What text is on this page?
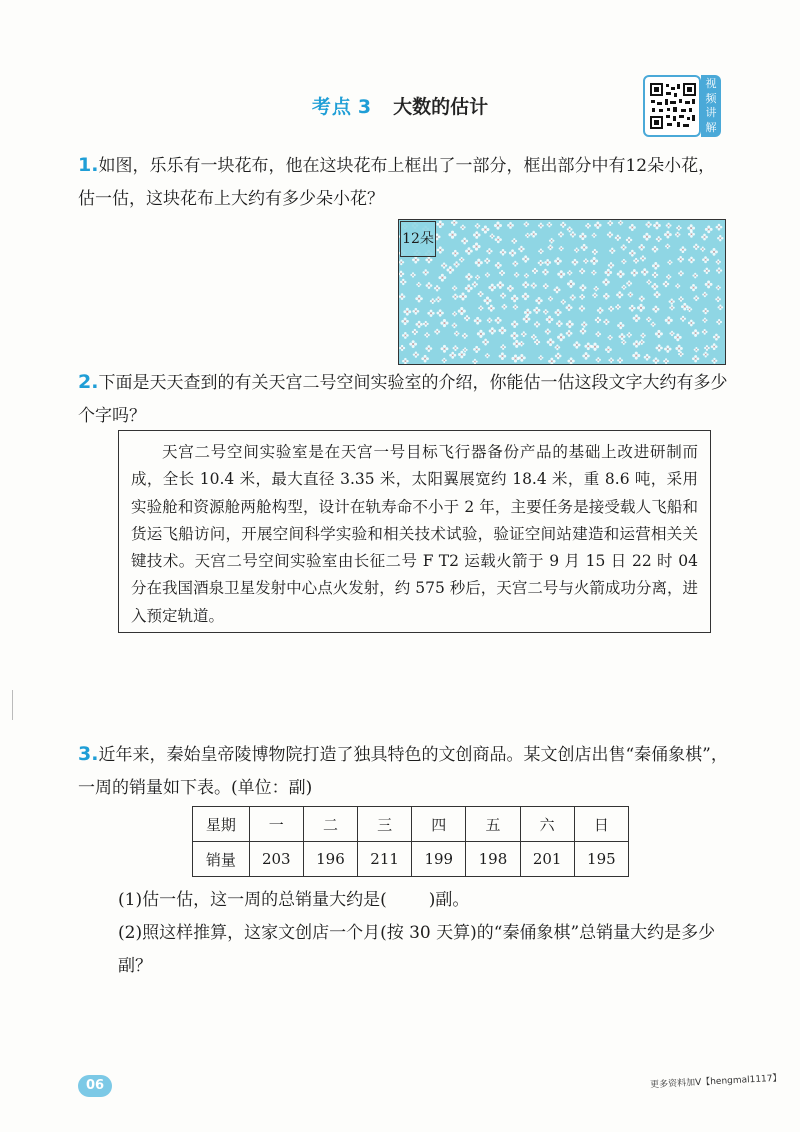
考点 3 大数的估计
视频讲解
1.如图，乐乐有一块花布，他在这块花布上框出了一部分，框出部分中有12朵小花，估一估，这块花布上大约有多少朵小花？
12朵
2.下面是天天查到的有关天宫二号空间实验室的介绍，你能估一估这段文字大约有多少个字吗？

天宫二号空间实验室是在天宫一号目标飞行器备份产品的基础上改进研制而成，全长 10.4 米，最大直径 3.35 米，太阳翼展宽约 18.4 米，重 8.6 吨，采用实验舱和资源舱两舱构型，设计在轨寿命不小于 2 年，主要任务是接受载人飞船和货运飞船访问，开展空间科学实验和相关技术试验，验证空间站建造和运营相关关键技术。天宫二号空间实验室由长征二号 F T2 运载火箭于 9 月 15 日 22 时 04 分在我国酒泉卫星发射中心点火发射，约 575 秒后，天宫二号与火箭成功分离，进入预定轨道。

3.近年来，秦始皇帝陵博物院打造了独具特色的文创商品。某文创店出售“秦俑象棋”，一周的销量如下表。(单位：副)
星期	一	二	三	四	五	六	日
销量	203	196	211	199	198	201	195
(1)估一估，这一周的总销量大约是( )副。
(2)照这样推算，这家文创店一个月(按 30 天算)的“秦俑象棋”总销量大约是多少副？
06	更多资料加V【hengmal1117】
